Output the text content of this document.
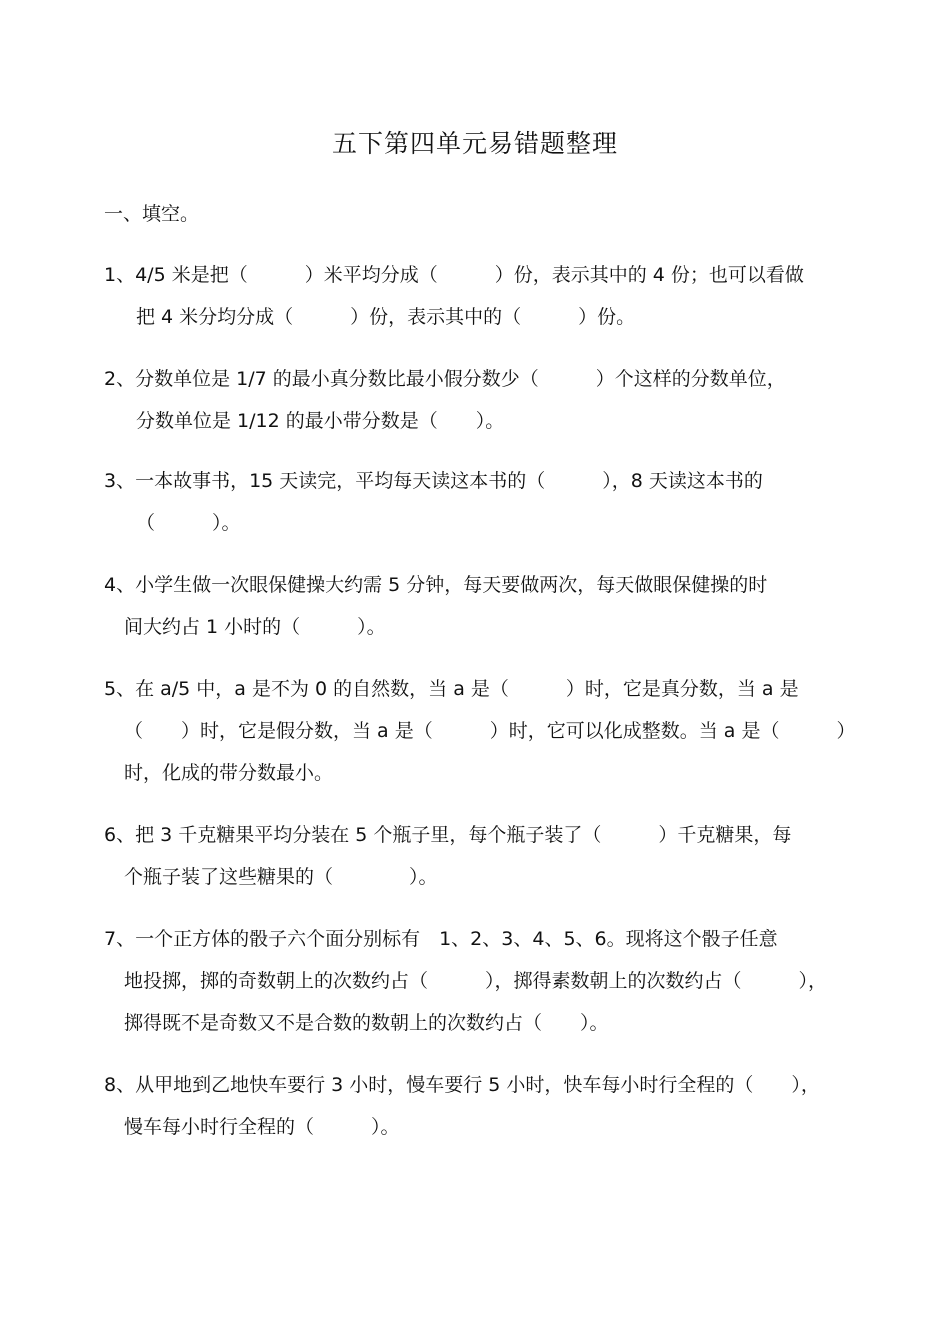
五下第四单元易错题整理
一、填空。
1、4/5 米是把（　　　）米平均分成（　　　）份，表示其中的 4 份；也可以看做
把 4 米分均分成（　　　）份，表示其中的（　　　）份。
2、分数单位是 1/7 的最小真分数比最小假分数少（　　　）个这样的分数单位，
分数单位是 1/12 的最小带分数是（　　）。
3、一本故事书，15 天读完，平均每天读这本书的（　　　），8 天读这本书的
（　　　）。
4、小学生做一次眼保健操大约需 5 分钟，每天要做两次，每天做眼保健操的时
间大约占 1 小时的（　　　）。
5、在 a/5 中，a 是不为 0 的自然数，当 a 是（　　　）时，它是真分数，当 a 是
（　　）时，它是假分数，当 a 是（　　　）时，它可以化成整数。当 a 是（　　　）
时，化成的带分数最小。
6、把 3 千克糖果平均分装在 5 个瓶子里，每个瓶子装了（　　　）千克糖果，每
个瓶子装了这些糖果的（　　　　）。
7、一个正方体的骰子六个面分别标有　1、2、3、4、5、6。现将这个骰子任意
地投掷，掷的奇数朝上的次数约占（　　　），掷得素数朝上的次数约占（　　　），
掷得既不是奇数又不是合数的数朝上的次数约占（　　）。
8、从甲地到乙地快车要行 3 小时，慢车要行 5 小时，快车每小时行全程的（　　），
慢车每小时行全程的（　　　）。
